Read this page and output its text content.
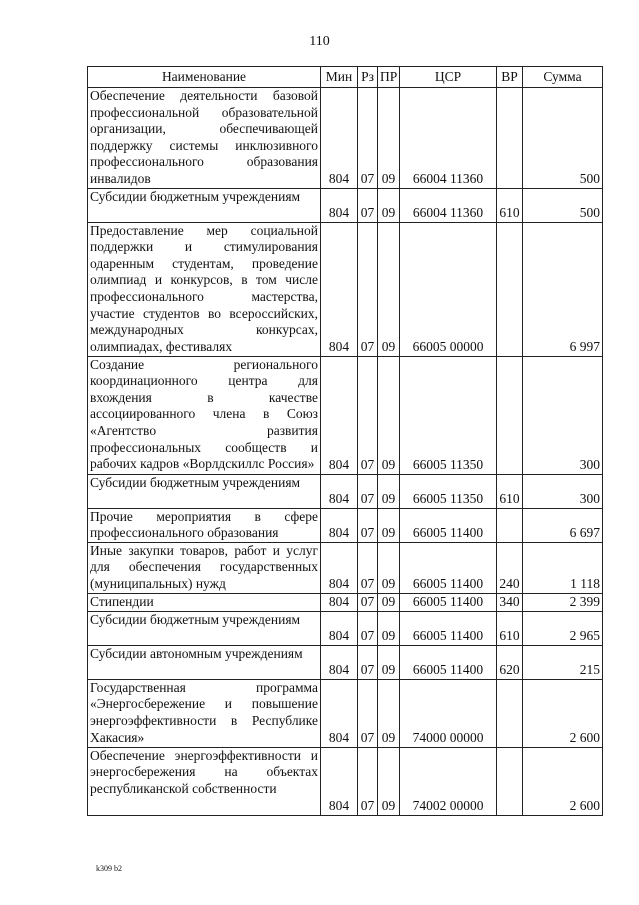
110
Наименование	Мин	Рз	ПР	ЦСР	ВР	Сумма
Обеспечение деятельности базовой профессиональной образовательной организации, обеспечивающей поддержку системы инклюзивного профессионального образования инвалидов	804	07	09	66004 11360		500
Субсидии бюджетным учреждениям	804	07	09	66004 11360	610	500
Предоставление мер социальной поддержки и стимулирования одаренным студентам, проведение олимпиад и конкурсов, в том числе профессионального мастерства, участие студентов во всероссийских, международных конкурсах, олимпиадах, фестивалях	804	07	09	66005 00000		6 997
Создание регионального координационного центра для вхождения в качестве ассоциированного члена в Союз «Агентство развития профессиональных сообществ и рабочих кадров «Ворлдскиллс Россия»	804	07	09	66005 11350		300
Субсидии бюджетным учреждениям	804	07	09	66005 11350	610	300
Прочие мероприятия в сфере профессионального образования	804	07	09	66005 11400		6 697
Иные закупки товаров, работ и услуг для обеспечения государственных (муниципальных) нужд	804	07	09	66005 11400	240	1 118
Стипендии	804	07	09	66005 11400	340	2 399
Субсидии бюджетным учреждениям	804	07	09	66005 11400	610	2 965
Субсидии автономным учреждениям	804	07	09	66005 11400	620	215
Государственная программа «Энергосбережение и повышение энергоэффективности в Республике Хакасия»	804	07	09	74000 00000		2 600
Обеспечение энергоэффективности и энергосбережения на объектах республиканской собственности	804	07	09	74002 00000		2 600
k309 b2
